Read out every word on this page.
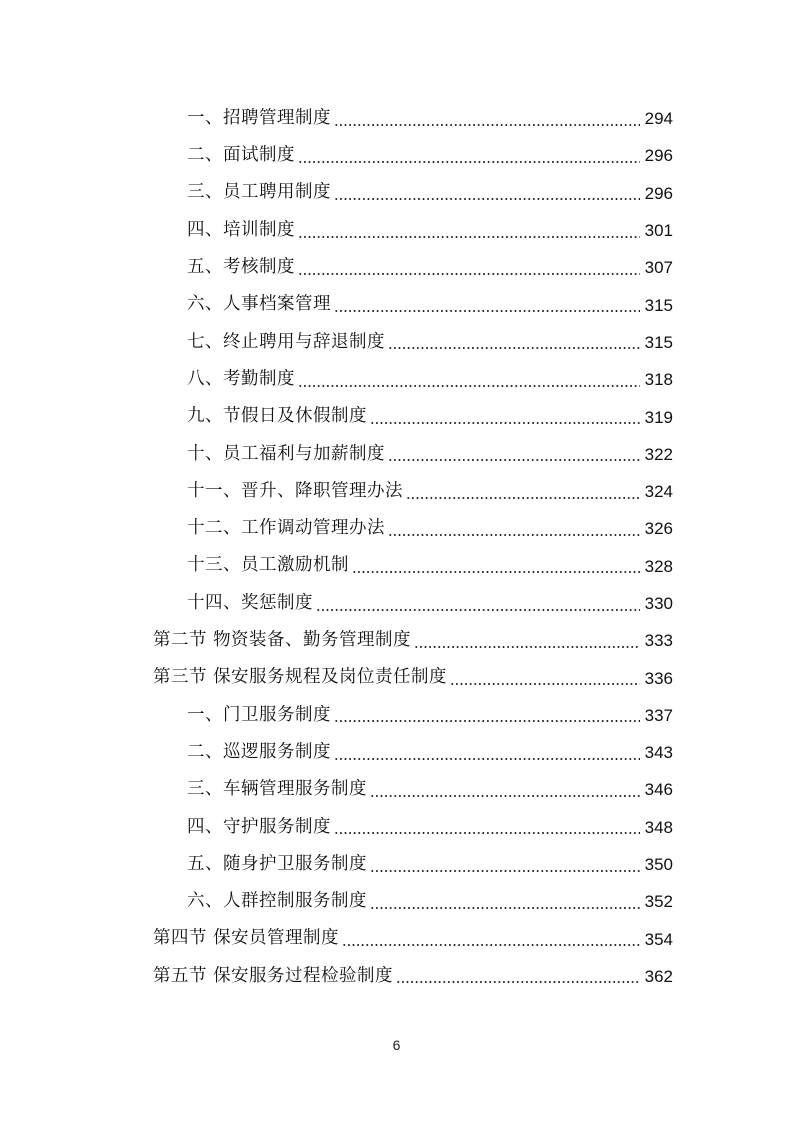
一、招聘管理制度	294
二、面试制度	296
三、员工聘用制度	296
四、培训制度	301
五、考核制度	307
六、人事档案管理	315
七、终止聘用与辞退制度	315
八、考勤制度	318
九、节假日及休假制度	319
十、员工福利与加薪制度	322
十一、晋升、降职管理办法	324
十二、工作调动管理办法	326
十三、员工激励机制	328
十四、奖惩制度	330
第二节 物资装备、勤务管理制度	333
第三节 保安服务规程及岗位责任制度	336
一、门卫服务制度	337
二、巡逻服务制度	343
三、车辆管理服务制度	346
四、守护服务制度	348
五、随身护卫服务制度	350
六、人群控制服务制度	352
第四节 保安员管理制度	354
第五节 保安服务过程检验制度	362
6
